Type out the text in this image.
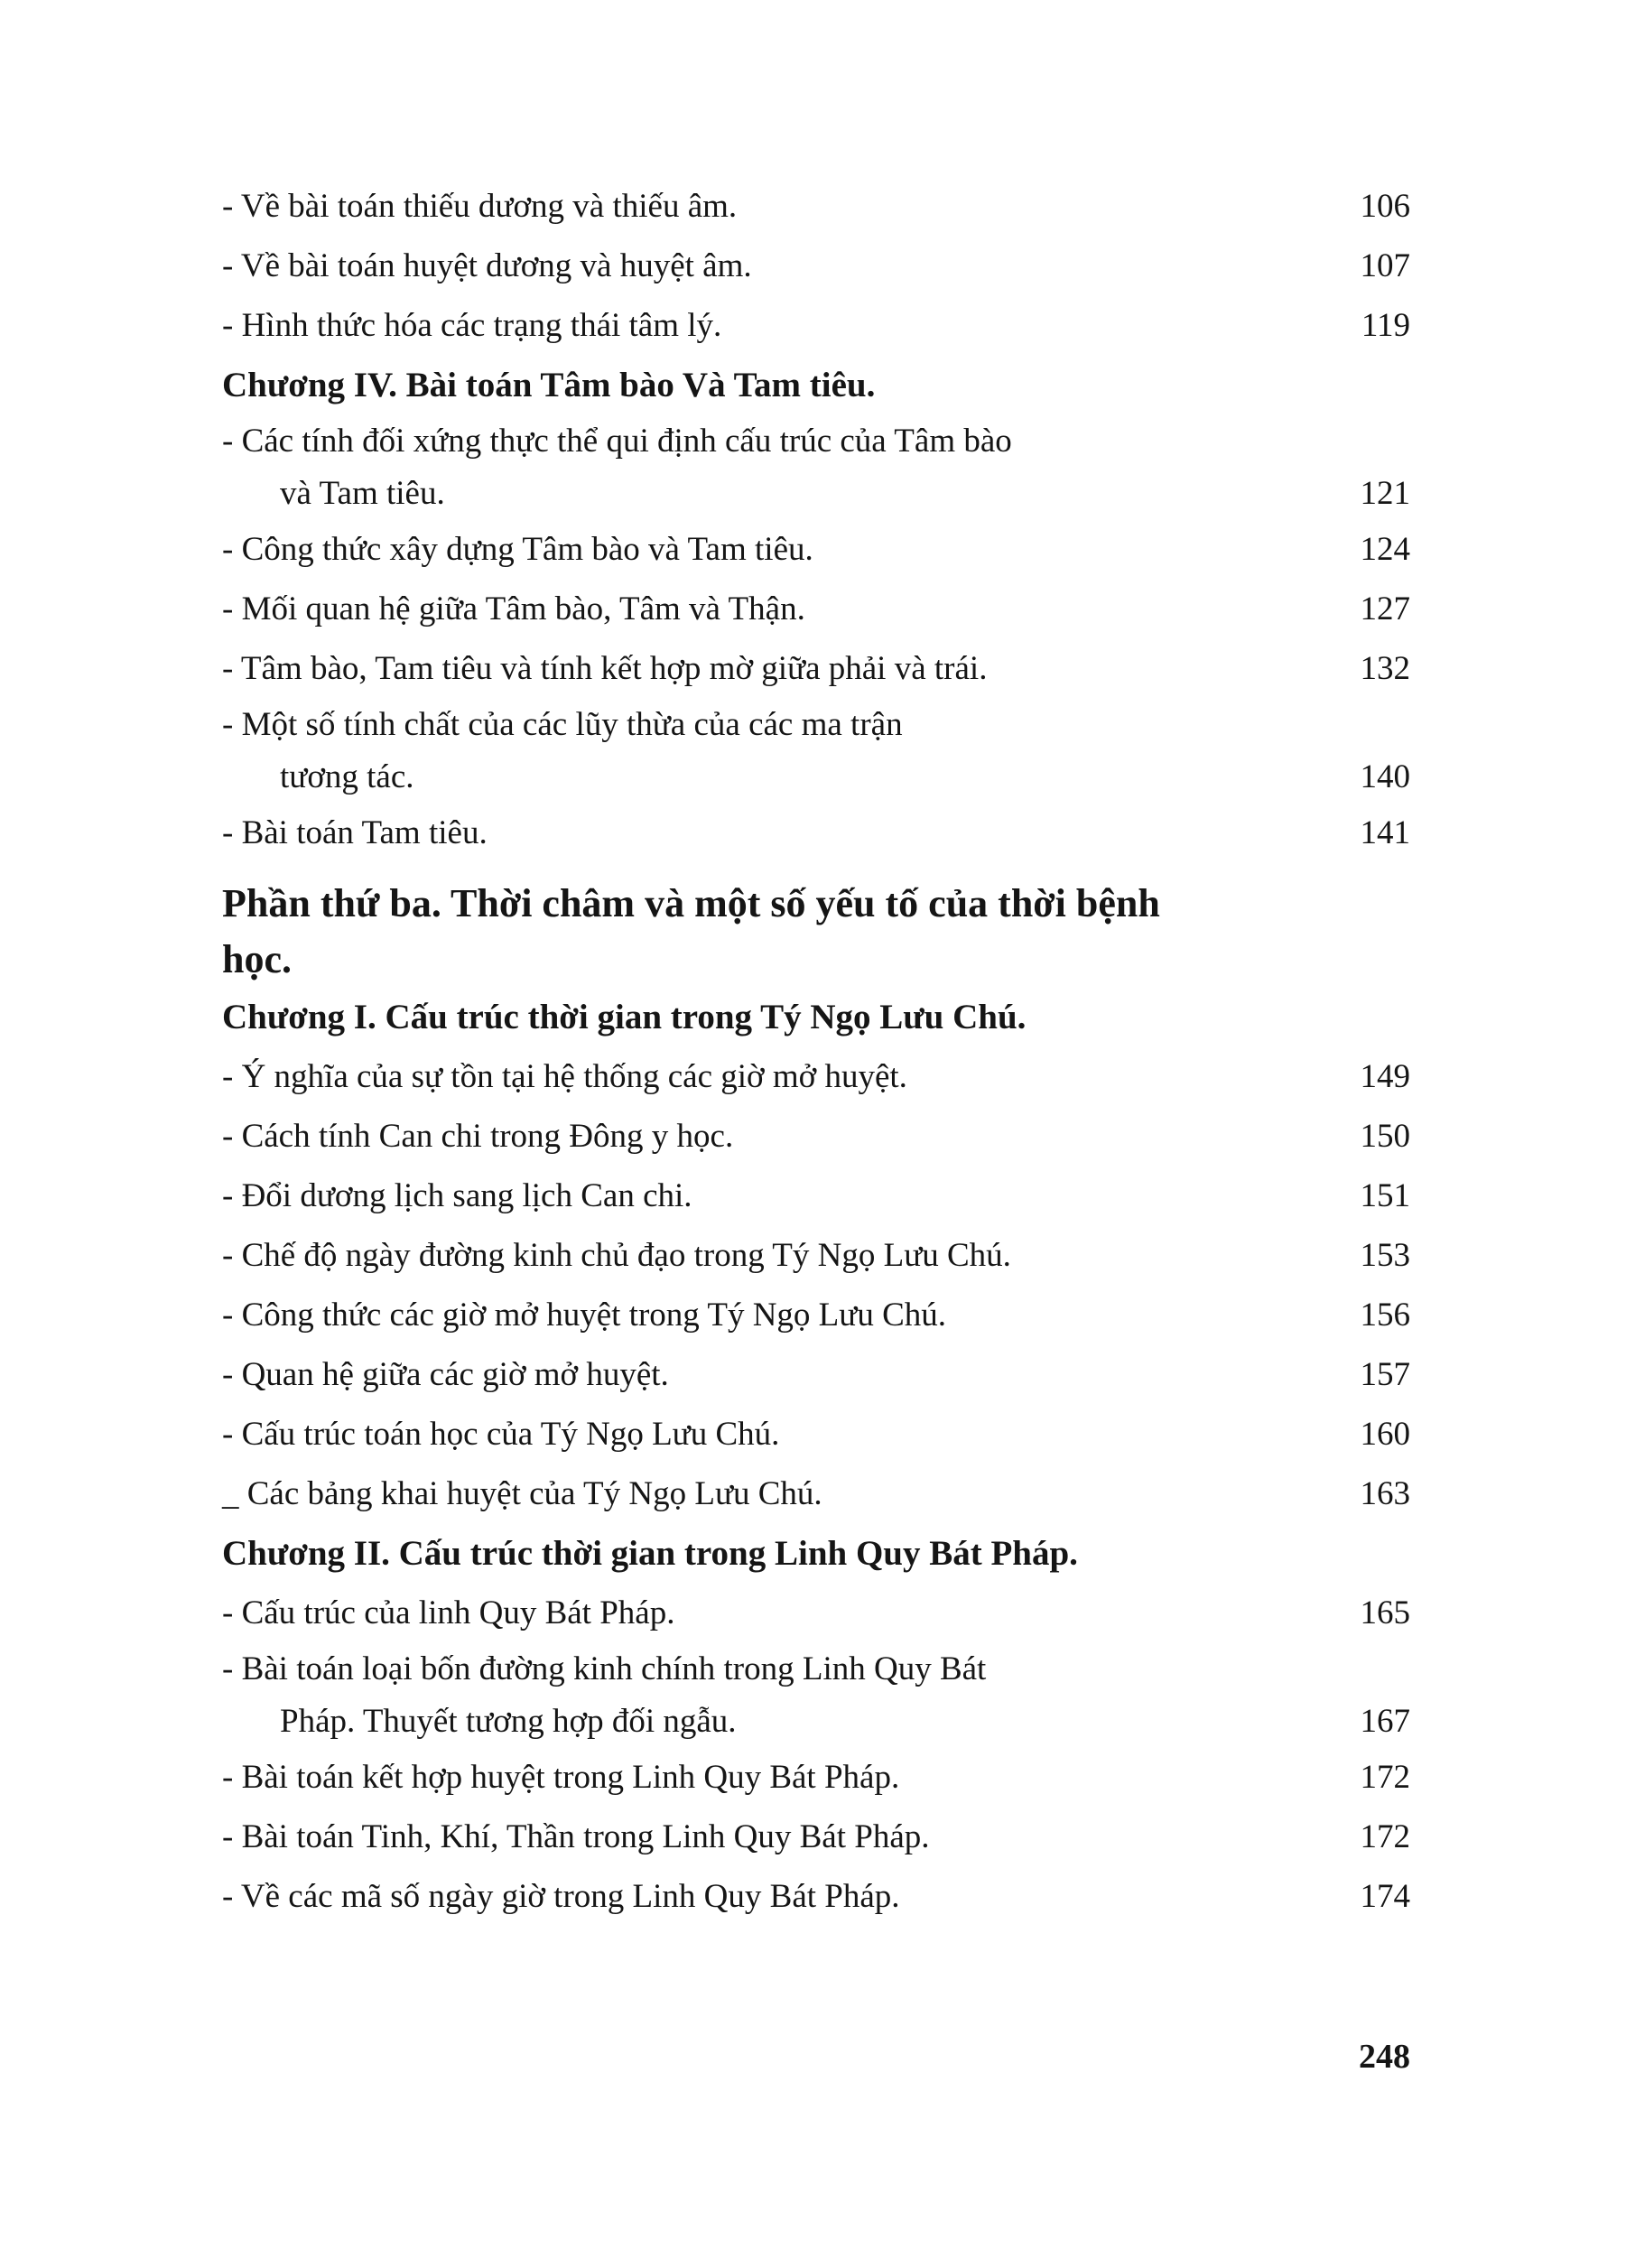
- Về bài toán thiếu dương và thiếu âm.	106
- Về bài toán huyệt dương và huyệt âm.	107
- Hình thức hóa các trạng thái tâm lý.	119
Chương IV. Bài toán Tâm bào Và Tam tiêu.
- Các tính đối xứng thực thể qui định cấu trúc của Tâm bào
và Tam tiêu.	121
- Công thức xây dựng Tâm bào và Tam tiêu.	124
- Mối quan hệ giữa Tâm bào, Tâm và Thận.	127
- Tâm bào, Tam tiêu và tính kết hợp mờ giữa phải và trái.	132
- Một số tính chất của các lũy thừa của các ma trận
tương tác.	140
- Bài toán Tam tiêu.	141
Phần thứ ba. Thời châm và một số yếu tố của thời bệnh
học.
Chương I. Cấu trúc thời gian trong Tý Ngọ Lưu Chú.
- Ý nghĩa của sự tồn tại hệ thống các giờ mở huyệt.	149
- Cách tính Can chi trong Đông y học.	150
- Đổi dương lịch sang lịch Can chi.	151
- Chế độ ngày đường kinh chủ đạo trong Tý Ngọ Lưu Chú.	153
- Công thức các giờ mở huyệt trong Tý Ngọ Lưu Chú.	156
- Quan hệ giữa các giờ mở huyệt.	157
- Cấu trúc toán học của Tý Ngọ Lưu Chú.	160
_ Các bảng khai huyệt của Tý Ngọ Lưu Chú.	163
Chương II. Cấu trúc thời gian trong Linh Quy Bát Pháp.
- Cấu trúc của linh Quy Bát Pháp.	165
- Bài toán loại bốn đường kinh chính trong Linh Quy Bát
Pháp. Thuyết tương hợp đối ngẫu.	167
- Bài toán kết hợp huyệt trong Linh Quy Bát Pháp.	172
- Bài toán Tinh, Khí, Thần trong Linh Quy Bát Pháp.	172
- Về các mã số ngày giờ trong Linh Quy Bát Pháp.	174
248
